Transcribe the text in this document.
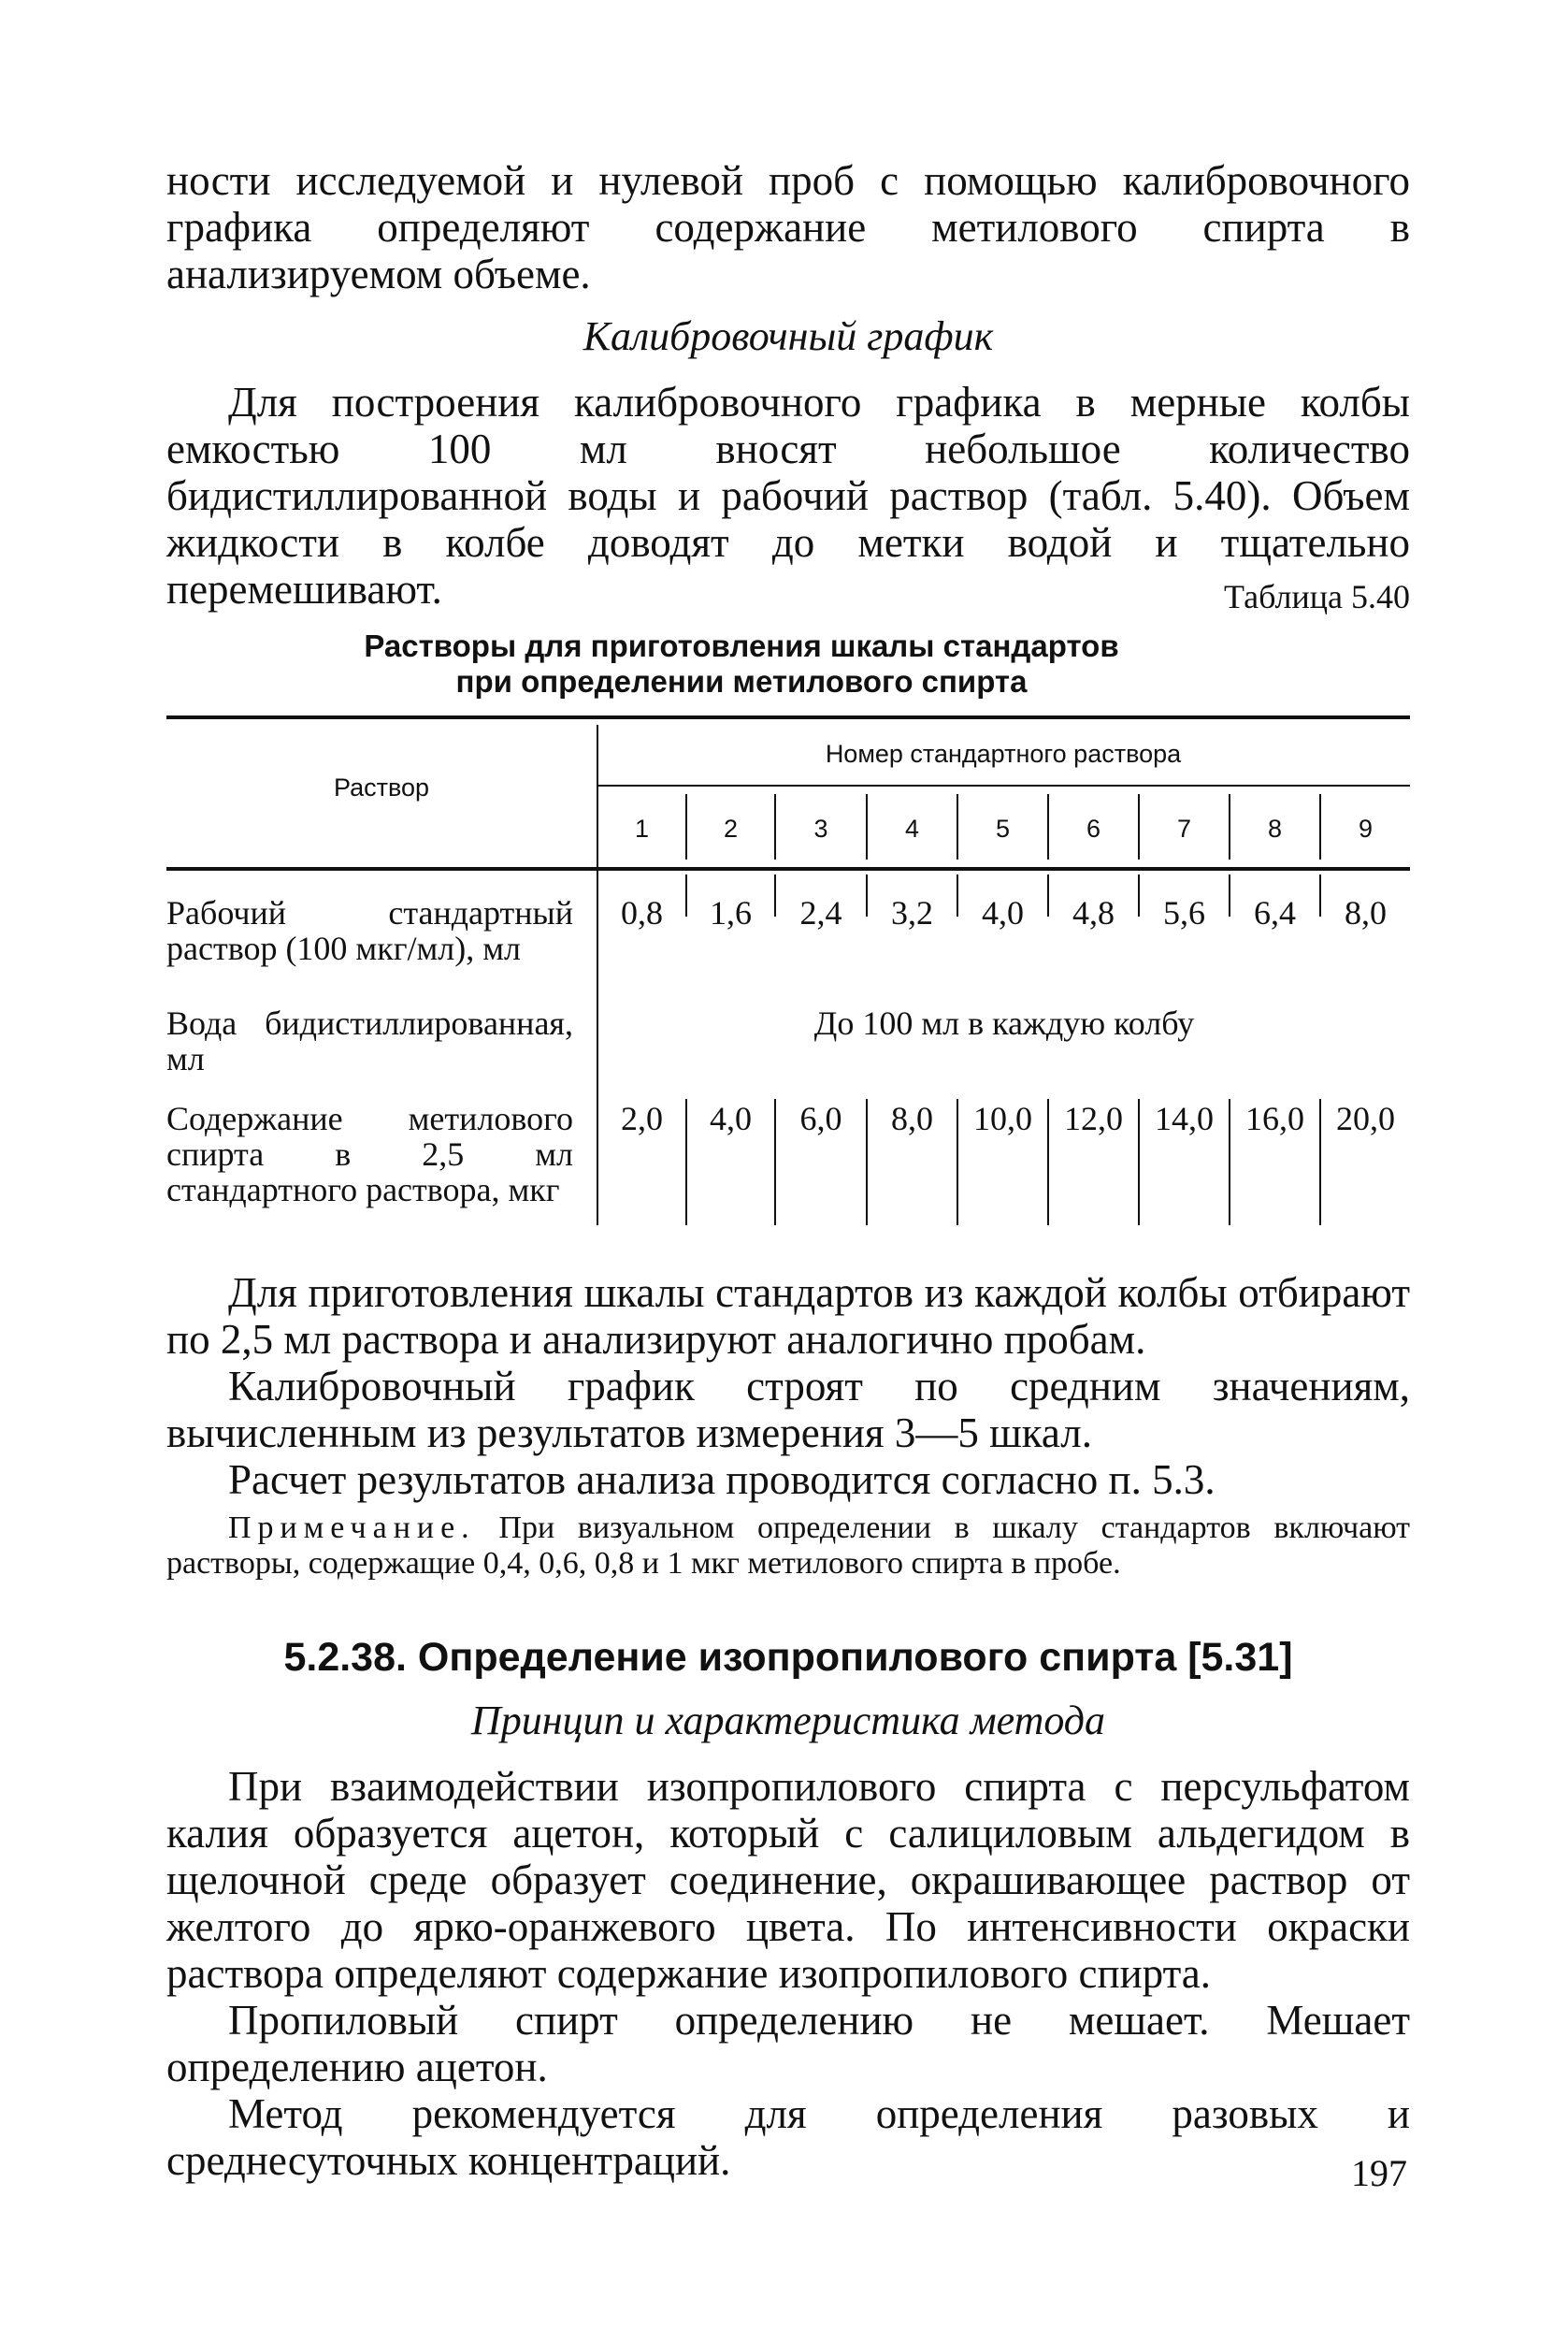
ности исследуемой и нулевой проб с помощью калибровочного графика определяют содержание метилового спирта в анализируемом объеме.

Калибровочный график

Для построения калибровочного графика в мерные колбы емкостью 100 мл вносят небольшое количество бидистиллированной воды и рабочий раствор (табл. 5.40). Объем жидкости в колбе доводят до метки водой и тщательно перемешивают.	Таблица 5.40
Растворы для приготовления шкалы стандартов
при определении метилового спирта
Раствор
Номер стандартного раствора
1	2	3	4	5	6	7	8	9
Рабочий стандартный раствор (100 мкг/мл), мл
0,8	1,6	2,4	3,2	4,0	4,8	5,6	6,4	8,0
Вода бидистиллированная, мл
До 100 мл в каждую колбу
Содержание метилового спирта в 2,5 мл стандартного раствора, мкг
2,0	4,0	6,0	8,0	10,0 12,0 14,0 16,0 20,0

Для приготовления шкалы стандартов из каждой колбы отбирают по 2,5 мл раствора и анализируют аналогично пробам.

Калибровочный график строят по средним значениям, вычисленным из результатов измерения 3—5 шкал.

Расчет результатов анализа проводится согласно п. 5.3.

Примечание. При визуальном определении в шкалу стандартов включают растворы, содержащие 0,4, 0,6, 0,8 и 1 мкг метилового спирта в пробе.

5.2.38. Определение изопропилового спирта [5.31]
Принцип и характеристика метода

При взаимодействии изопропилового спирта с персульфатом калия образуется ацетон, который с салициловым альдегидом в щелочной среде образует соединение, окрашивающее раствор от желтого до ярко-оранжевого цвета. По интенсивности окраски раствора определяют содержание изопропилового спирта.

Пропиловый спирт определению не мешает. Мешает определению ацетон.

Метод рекомендуется для определения разовых и среднесуточных концентраций.	197
